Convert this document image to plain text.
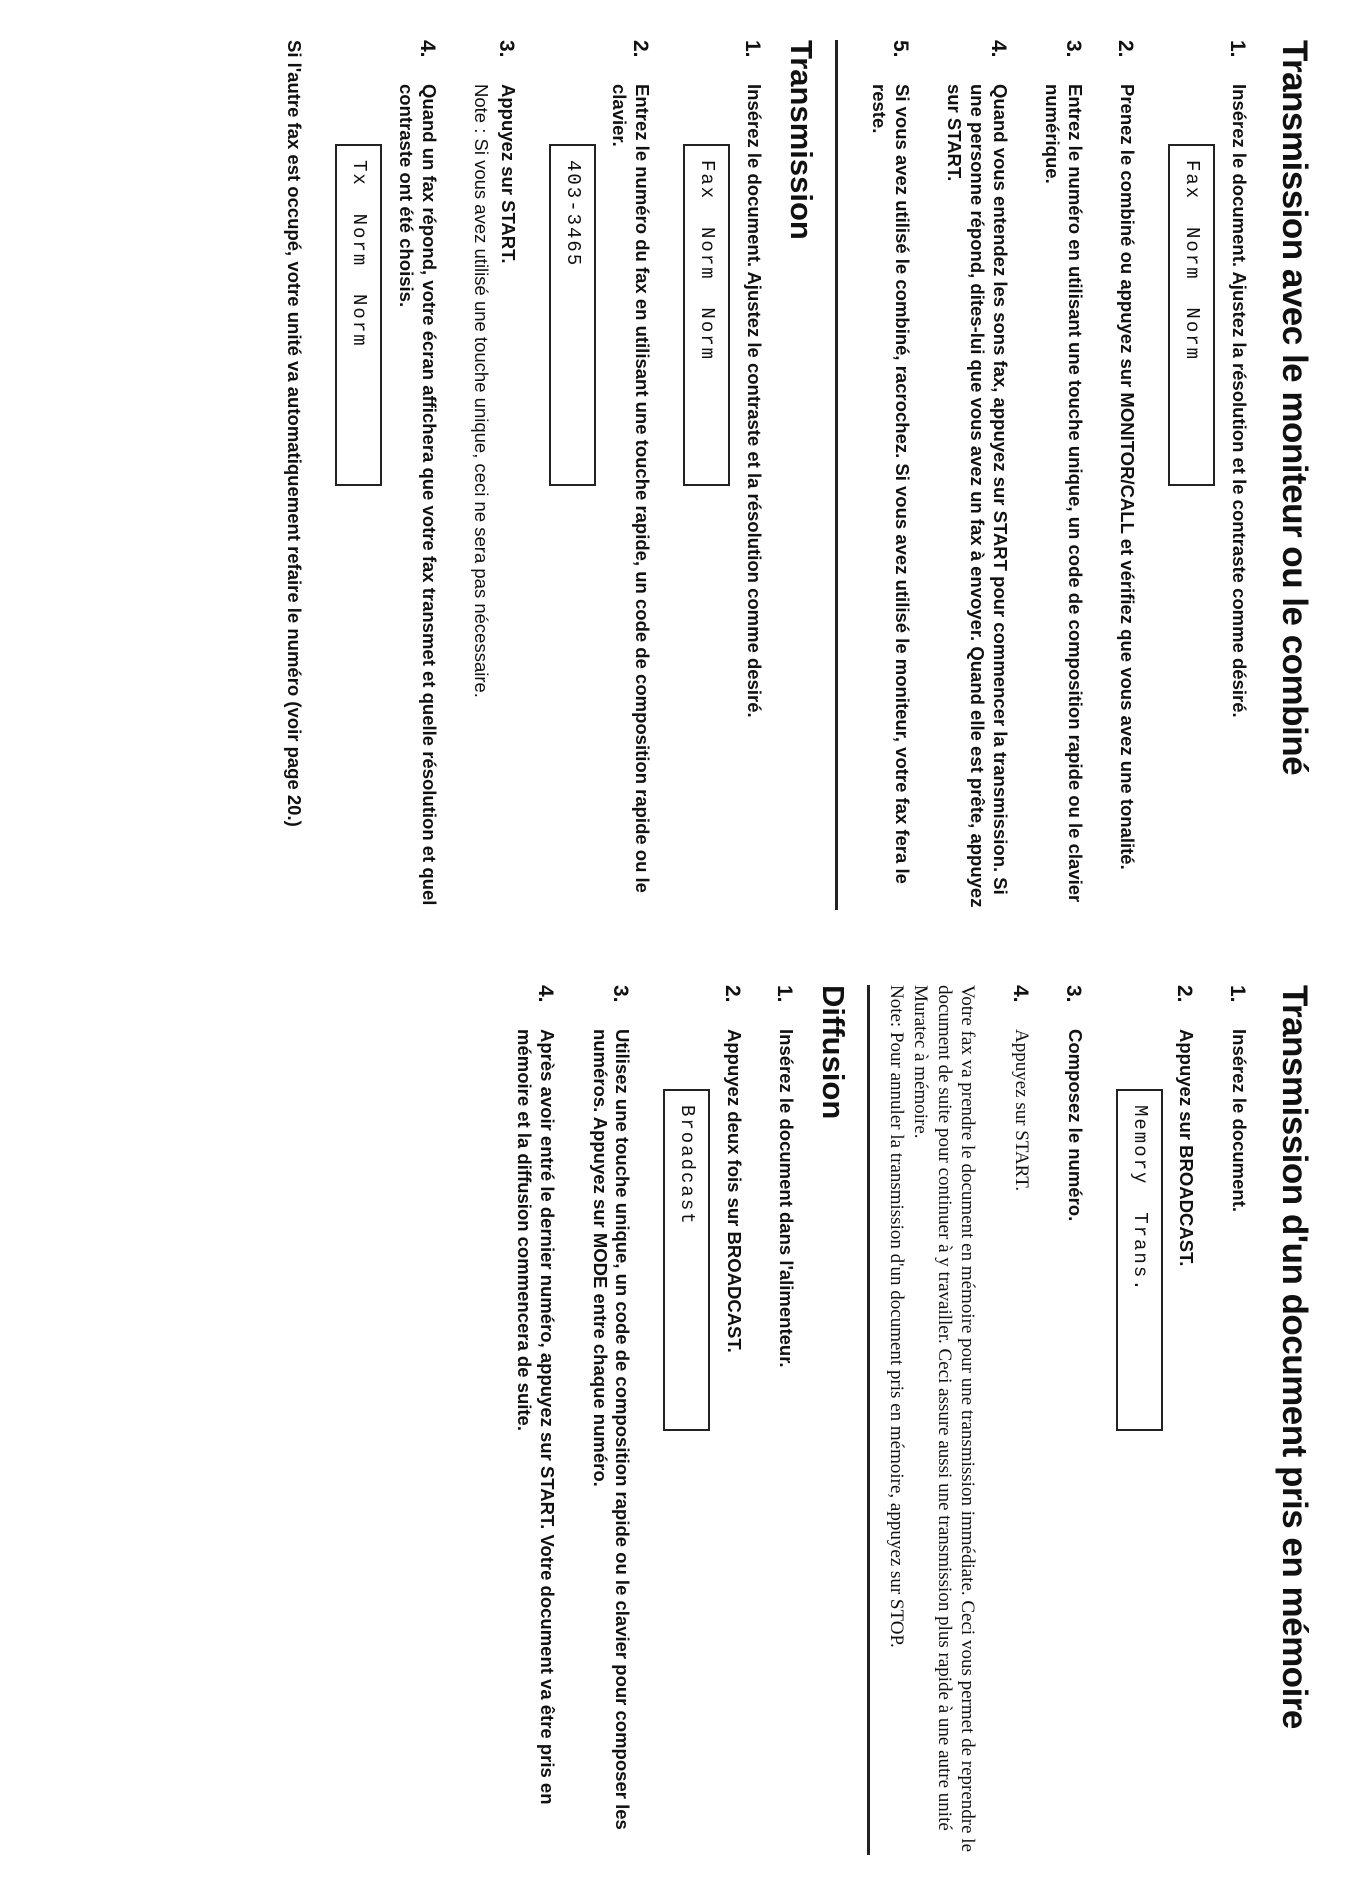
Transmission avec le moniteur ou le combiné
1.
Insérez le document. Ajustez la résolution et le contraste comme désiré.
Fax  Norm  Norm
2.
Prenez le combiné ou appuyez sur MONITOR/CALL et vérifiez que vous avez une tonalité.
3.
Entrez le numéro en utilisant une touche unique, un code de composition rapide ou le clavier numérique.
4.
Quand vous entendez les sons fax, appuyez sur START pour commencer la transmission. Si une personne répond, dites-lui que vous avez un fax à envoyer. Quand elle est prête, appuyez sur START.
5.
Si vous avez utilisé le combiné, racrochez. Si vous avez utilisé le moniteur, votre fax fera le reste.
Transmission
1.
Insérez le document. Ajustez le contraste et la résolution comme desiré.
Fax  Norm  Norm
2.
Entrez le numéro du fax en utilisant une touche rapide, un code de composition rapide ou le clavier.
403-3465
3.
Appuyez sur START.
Note : Si vous avez utilisé une touche unique, ceci ne sera pas nécessaire.
4.
Quand un fax répond, votre écran affichera que votre fax transmet et quelle résolution et quel contraste ont été choisis.
Tx  Norm  Norm
Si l'autre fax est occupé, votre unité va automatiquement refaire le numéro (voir page 20.)
Transmission d'un document pris en mémoire
1.
Insérez le document.
2.
Appuyez sur BROADCAST.
Memory  Trans.
3.
Composez le numéro.
4.
Appuyez sur START.

Votre fax va prendre le document en mémoire pour une transmission immédiate. Ceci vous permet de reprendre le document de suite pour continuer à y travailler. Ceci assure aussi une transmission plus rapide à une autre unité Muratec à mémoire.

Note: Pour annuler la transmission d'un document pris en mémoire, appuyez sur STOP.

Diffusion
1.
Insérez le document dans l'alimenteur.
2.
Appuyez deux fois sur BROADCAST.
Broadcast
3.
Utilisez une touche unique, un code de composition rapide ou le clavier pour composer les numéros. Appuyez sur MODE entre chaque numéro.
4.
Après avoir entré le dernier numéro, appuyez sur START. Votre document va être pris en mémoire et la diffusion commencera de suite.
